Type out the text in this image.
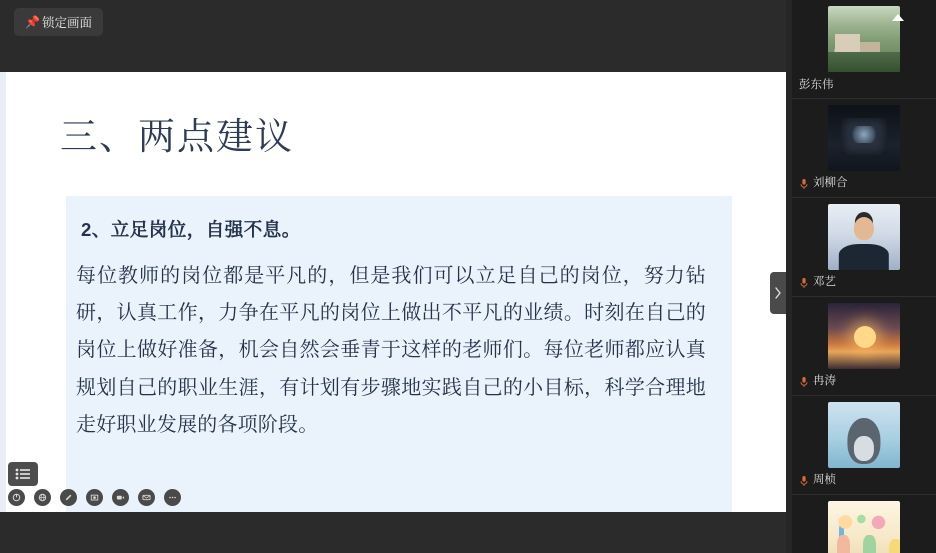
📌 锁定画面
三、两点建议
2、立足岗位，自强不息。
每位教师的岗位都是平凡的，但是我们可以立足自己的岗位，努力钻研，认真工作，力争在平凡的岗位上做出不平凡的业绩。时刻在自己的岗位上做好准备，机会自然会垂青于这样的老师们。每位老师都应认真规划自己的职业生涯，有计划有步骤地实践自己的小目标，科学合理地走好职业发展的各项阶段。
彭东伟
刘柳合
邓艺
冉涛
周桢
